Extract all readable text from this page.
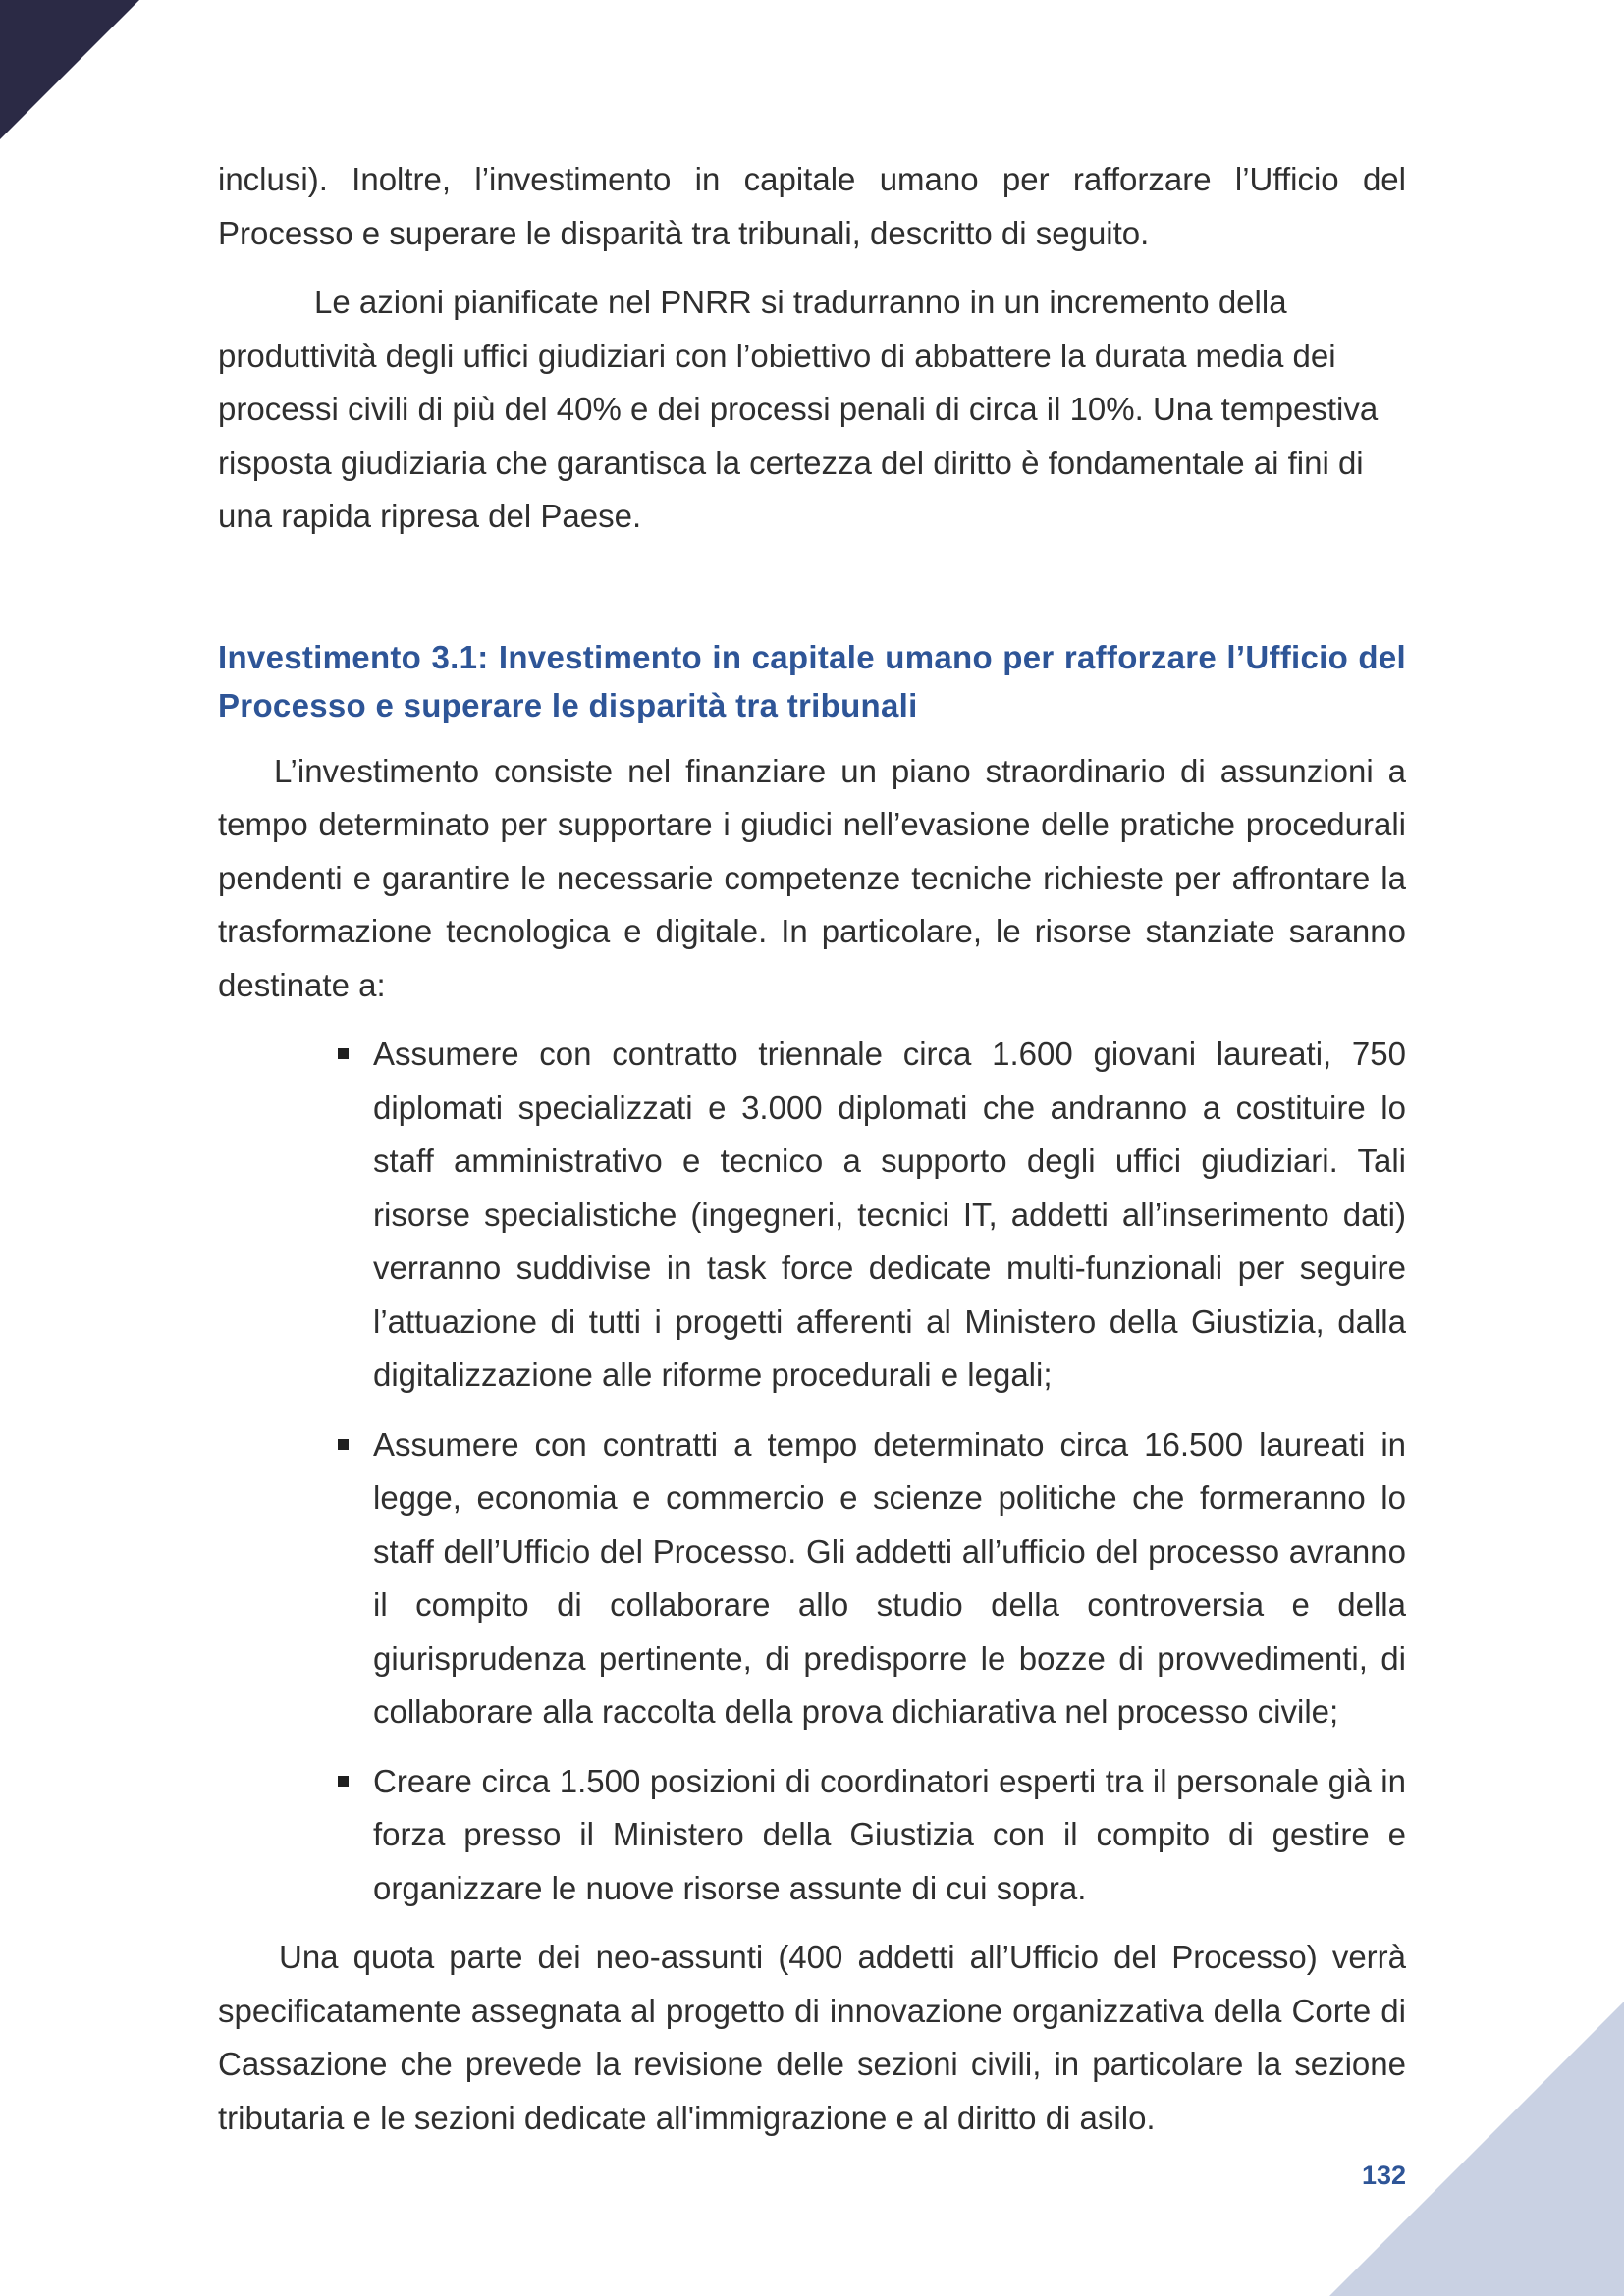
inclusi). Inoltre, l’investimento in capitale umano per rafforzare l’Ufficio del Processo e superare le disparità tra tribunali, descritto di seguito.

Le azioni pianificate nel PNRR si tradurranno in un incremento della produttività degli uffici giudiziari con l’obiettivo di abbattere la durata media dei processi civili di più del 40% e dei processi penali di circa il 10%. Una tempestiva risposta giudiziaria che garantisca la certezza del diritto è fondamentale ai fini di una rapida ripresa del Paese.

Investimento 3.1: Investimento in capitale umano per rafforzare l’Ufficio del Processo e superare le disparità tra tribunali

L’investimento consiste nel finanziare un piano straordinario di assunzioni a tempo determinato per supportare i giudici nell’evasione delle pratiche procedurali pendenti e garantire le necessarie competenze tecniche richieste per affrontare la trasformazione tecnologica e digitale. In particolare, le risorse stanziate saranno destinate a:

Assumere con contratto triennale circa 1.600 giovani laureati, 750 diplomati specializzati e 3.000 diplomati che andranno a costituire lo staff amministrativo e tecnico a supporto degli uffici giudiziari. Tali risorse specialistiche (ingegneri, tecnici IT, addetti all’inserimento dati) verranno suddivise in task force dedicate multi-funzionali per seguire l’attuazione di tutti i progetti afferenti al Ministero della Giustizia, dalla digitalizzazione alle riforme procedurali e legali;
Assumere con contratti a tempo determinato circa 16.500 laureati in legge, economia e commercio e scienze politiche che formeranno lo staff dell’Ufficio del Processo. Gli addetti all’ufficio del processo avranno il compito di collaborare allo studio della controversia e della giurisprudenza pertinente, di predisporre le bozze di provvedimenti, di collaborare alla raccolta della prova dichiarativa nel processo civile;
Creare circa 1.500 posizioni di coordinatori esperti tra il personale già in forza presso il Ministero della Giustizia con il compito di gestire e organizzare le nuove risorse assunte di cui sopra.

Una quota parte dei neo-assunti (400 addetti all’Ufficio del Processo) verrà specificatamente assegnata al progetto di innovazione organizzativa della Corte di Cassazione che prevede la revisione delle sezioni civili, in particolare la sezione tributaria e le sezioni dedicate all'immigrazione e al diritto di asilo.

132
